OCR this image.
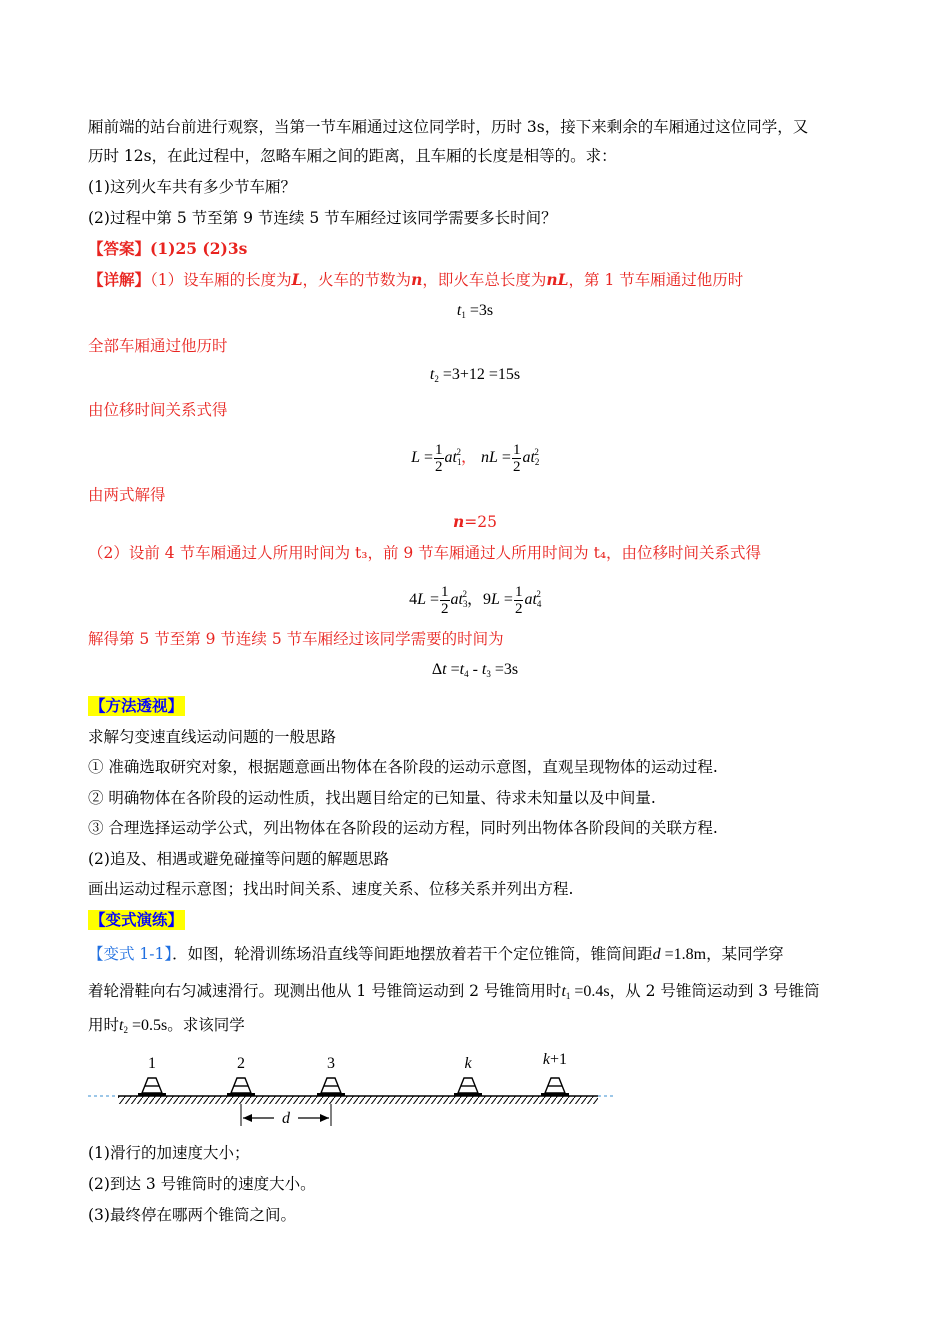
厢前端的站台前进行观察，当第一节车厢通过这位同学时，历时 3s，接下来剩余的车厢通过这位同学，又
历时 12s，在此过程中，忽略车厢之间的距离，且车厢的长度是相等的。求：
(1)这列火车共有多少节车厢？
(2)过程中第 5 节至第 9 节连续 5 节车厢经过该同学需要多长时间？
【答案】(1)25 (2)3s
【详解】（1）设车厢的长度为L，火车的节数为n，即火车总长度为nL，第 1 节车厢通过他历时
$t_1 =3s$
全部车厢通过他历时
$t_2 =3+12 =15s$
由位移时间关系式得
$L = \frac{1}{2} at_1^2$， nL = $\frac{1}{2} at_2^2$
由两式解得
n=25
（2）设前 4 节车厢通过人所用时间为 t₃，前 9 节车厢通过人所用时间为 t₄，由位移时间关系式得
$4L = \frac{1}{2} at_3^2$，$9L = \frac{1}{2} at_4^2$
解得第 5 节至第 9 节连续 5 节车厢经过该同学需要的时间为
$\Delta t =t_4 - t_3 =3s$
【方法透视】
求解匀变速直线运动问题的一般思路
① 准确选取研究对象，根据题意画出物体在各阶段的运动示意图，直观呈现物体的运动过程.
② 明确物体在各阶段的运动性质，找出题目给定的已知量、待求未知量以及中间量.
③ 合理选择运动学公式，列出物体在各阶段的运动方程，同时列出物体各阶段间的关联方程.
(2)追及、相遇或避免碰撞等问题的解题思路
画出运动过程示意图；找出时间关系、速度关系、位移关系并列出方程.
【变式演练】
【变式 1-1】．如图，轮滑训练场沿直线等间距地摆放着若干个定位锥筒，锥筒间距d =1.8m，某同学穿
着轮滑鞋向右匀减速滑行。现测出他从 1 号锥筒运动到 2 号锥筒用时$t_1 =0.4s$，从 2 号锥筒运动到 3 号锥筒
用时$t_2 =0.5s$。求该同学
1	2	3	k	k+1
d
(1)滑行的加速度大小；
(2)到达 3 号锥筒时的速度大小。
(3)最终停在哪两个锥筒之间。
